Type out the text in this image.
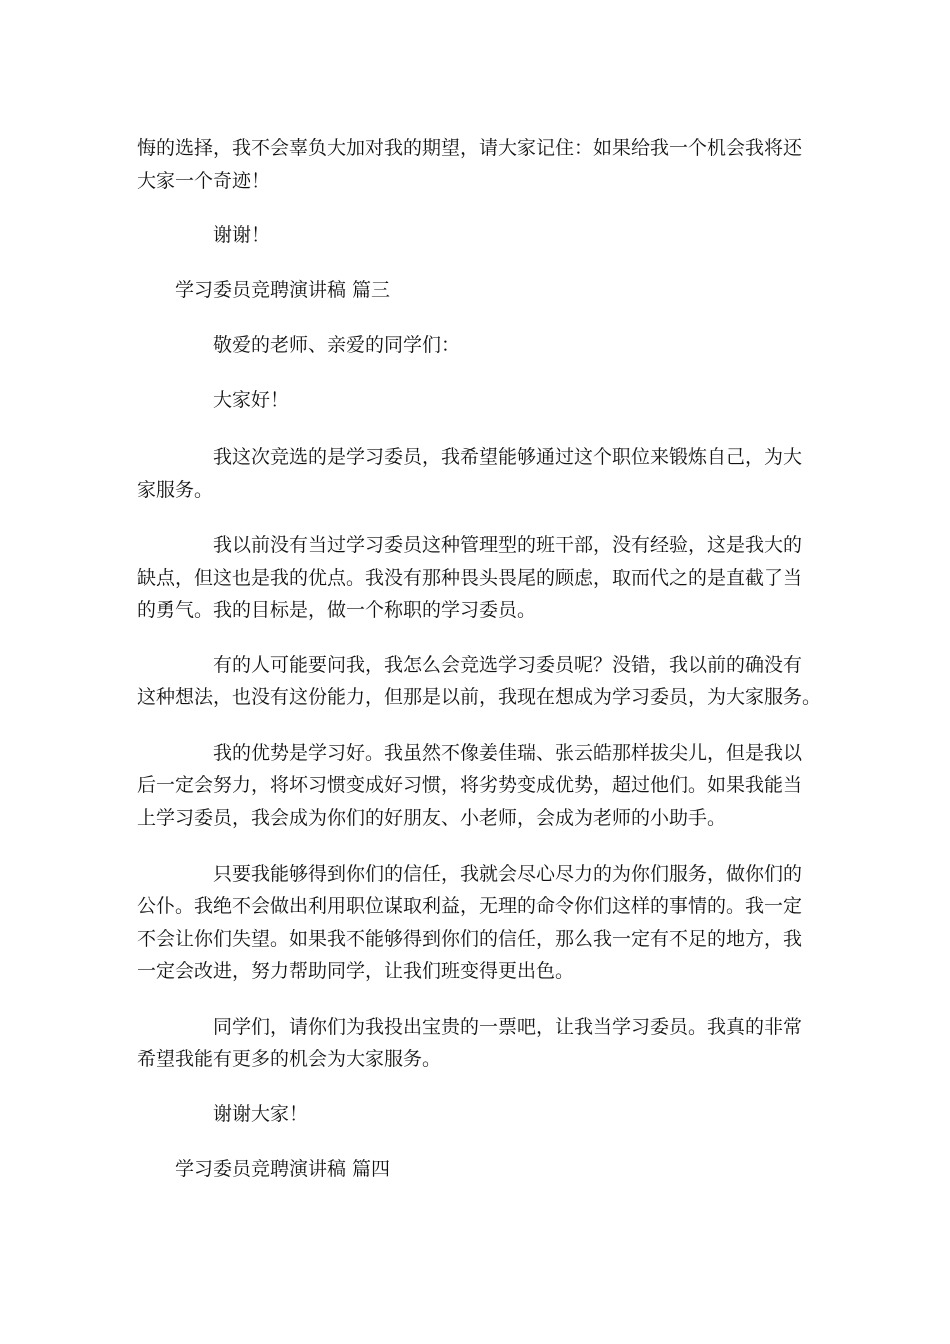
悔的选择，我不会辜负大加对我的期望，请大家记住：如果给我一个机会我将还
大家一个奇迹！
谢谢！
学习委员竞聘演讲稿 篇三
敬爱的老师、亲爱的同学们：
大家好！
我这次竞选的是学习委员，我希望能够通过这个职位来锻炼自己，为大
家服务。
我以前没有当过学习委员这种管理型的班干部，没有经验，这是我大的
缺点，但这也是我的优点。我没有那种畏头畏尾的顾虑，取而代之的是直截了当
的勇气。我的目标是，做一个称职的学习委员。
有的人可能要问我，我怎么会竞选学习委员呢？没错，我以前的确没有
这种想法，也没有这份能力，但那是以前，我现在想成为学习委员，为大家服务。
我的优势是学习好。我虽然不像姜佳瑞、张云皓那样拔尖儿，但是我以
后一定会努力，将坏习惯变成好习惯，将劣势变成优势，超过他们。如果我能当
上学习委员，我会成为你们的好朋友、小老师，会成为老师的小助手。
只要我能够得到你们的信任，我就会尽心尽力的为你们服务，做你们的
公仆。我绝不会做出利用职位谋取利益，无理的命令你们这样的事情的。我一定
不会让你们失望。如果我不能够得到你们的信任，那么我一定有不足的地方，我
一定会改进，努力帮助同学，让我们班变得更出色。
同学们，请你们为我投出宝贵的一票吧，让我当学习委员。我真的非常
希望我能有更多的机会为大家服务。
谢谢大家！
学习委员竞聘演讲稿 篇四
